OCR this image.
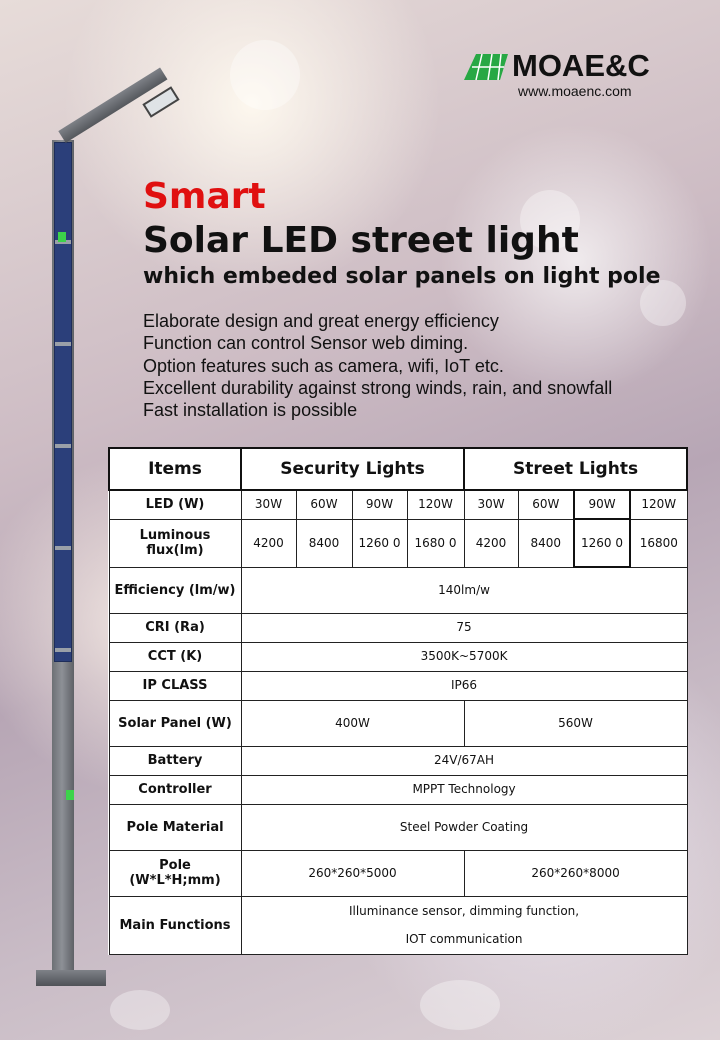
MOAE&C
www.moaenc.com
Smart
Solar LED street light
which embeded solar panels on light pole
Elaborate design and great energy efficiency
Function can control Sensor web diming.
Option features such as camera, wifi, IoT etc.
Excellent durability against strong winds, rain, and snowfall
Fast installation is possible
Items	Security Lights				Street Lights			
LED (W)	30W	60W	90W	120W	30W	60W	90W	120W
Luminous flux(lm)	4200	8400	1260 0	1680 0	4200	8400	1260 0	16800
Efficiency (lm/w)	140lm/w							
CRI (Ra)	75							
CCT (K)	3500K~5700K							
IP CLASS	IP66							
Solar Panel (W)	400W				560W			
Battery	24V/67AH							
Controller	MPPT Technology							
Pole Material	Steel Powder Coating							
Pole (W*L*H;mm)	260*260*5000				260*260*8000			
Main Functions	Illuminance sensor, dimming function,
IOT communication							
